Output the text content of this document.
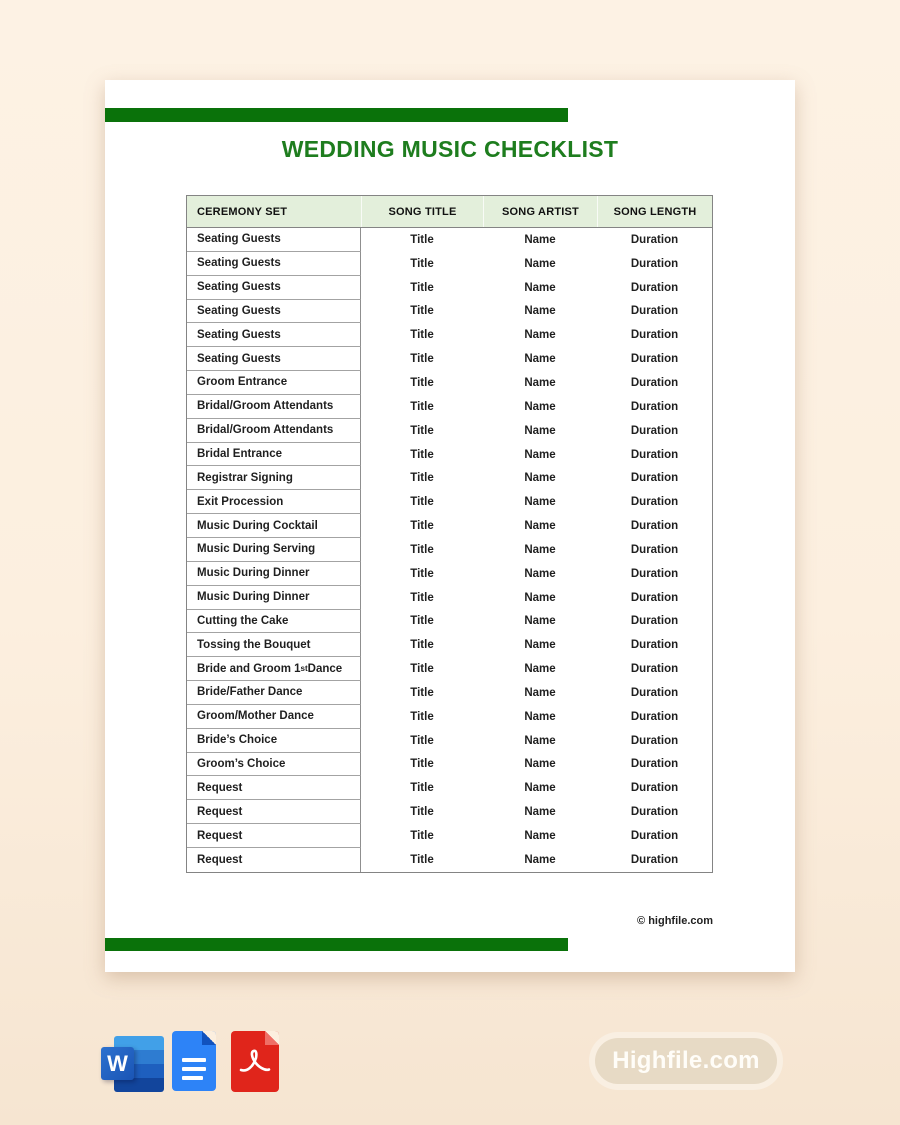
WEDDING MUSIC CHECKLIST
CEREMONY SET	SONG TITLE	SONG ARTIST	SONG LENGTH
Seating Guests	Title	Name	Duration
Seating Guests	Title	Name	Duration
Seating Guests	Title	Name	Duration
Seating Guests	Title	Name	Duration
Seating Guests	Title	Name	Duration
Seating Guests	Title	Name	Duration
Groom Entrance	Title	Name	Duration
Bridal/Groom Attendants	Title	Name	Duration
Bridal/Groom Attendants	Title	Name	Duration
Bridal Entrance	Title	Name	Duration
Registrar Signing	Title	Name	Duration
Exit Procession	Title	Name	Duration
Music During Cocktail	Title	Name	Duration
Music During Serving	Title	Name	Duration
Music During Dinner	Title	Name	Duration
Music During Dinner	Title	Name	Duration
Cutting the Cake	Title	Name	Duration
Tossing the Bouquet	Title	Name	Duration
Bride and Groom 1 st Dance	Title	Name	Duration
Bride/Father Dance	Title	Name	Duration
Groom/Mother Dance	Title	Name	Duration
Bride’s Choice	Title	Name	Duration
Groom’s Choice	Title	Name	Duration
Request	Title	Name	Duration
Request	Title	Name	Duration
Request	Title	Name	Duration
Request	Title	Name	Duration
© highfile.com
W	Highfile.com
